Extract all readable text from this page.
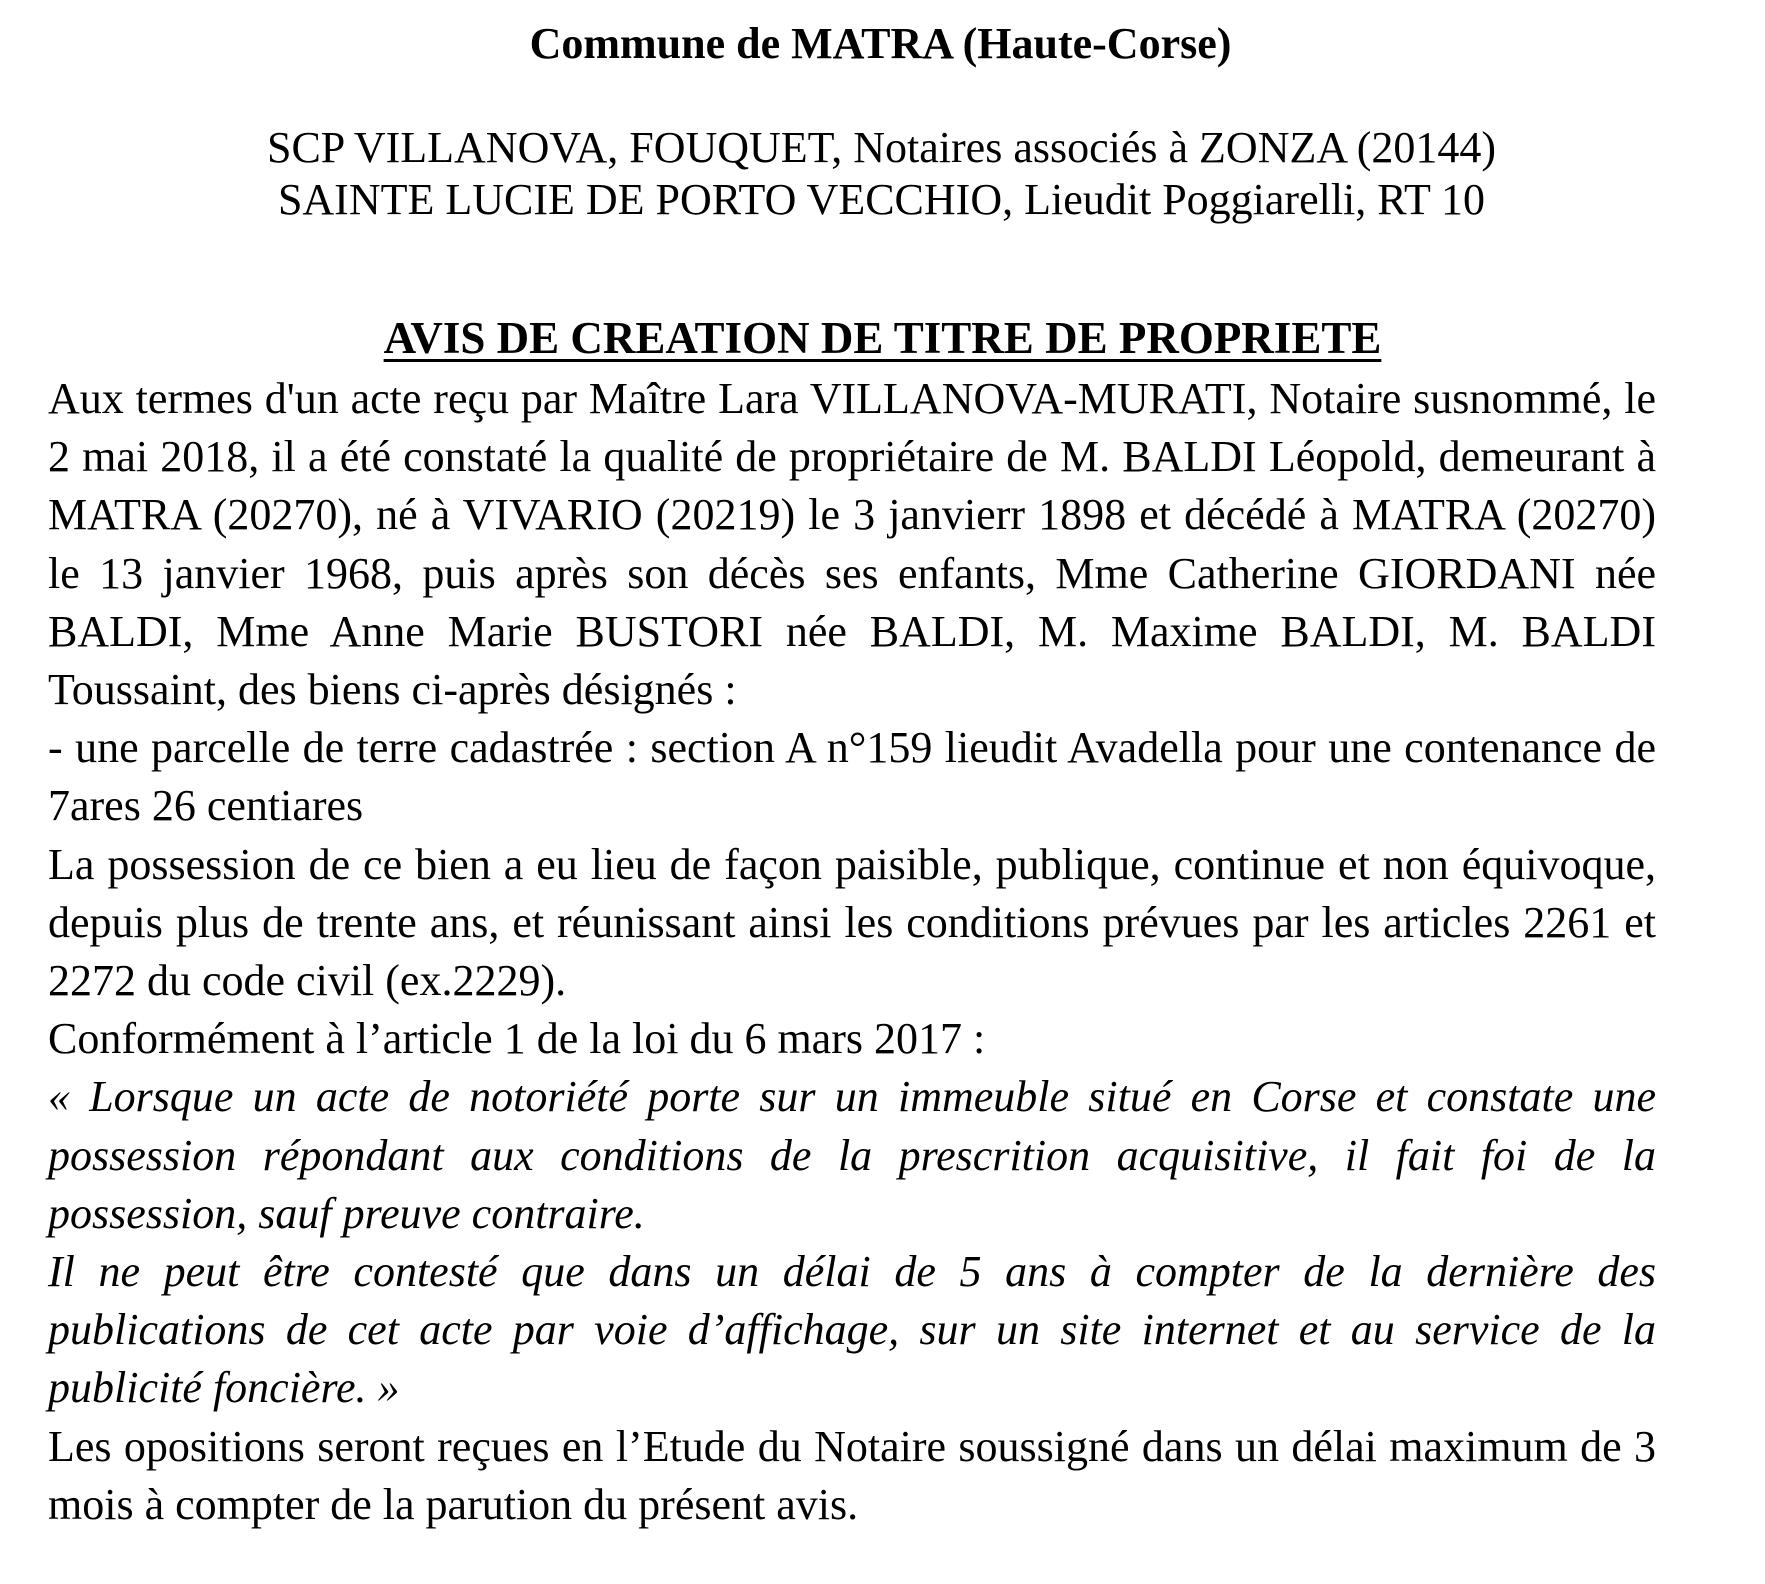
Commune de MATRA (Haute-Corse)
SCP VILLANOVA, FOUQUET, Notaires associés à ZONZA (20144)
SAINTE LUCIE DE PORTO VECCHIO, Lieudit Poggiarelli, RT 10
AVIS DE CREATION DE TITRE DE PROPRIETE

Aux termes d'un acte reçu par Maître Lara VILLANOVA-MURATI, Notaire susnommé, le 2 mai 2018, il a été constaté la qualité de propriétaire de M. BALDI Léopold, demeurant à MATRA (20270), né à VIVARIO (20219) le 3 janvierr 1898 et décédé à MATRA (20270) le 13 janvier 1968, puis après son décès ses enfants, Mme Catherine GIORDANI née BALDI, Mme Anne Marie BUSTORI née BALDI, M. Maxime BALDI, M. BALDI Toussaint, des biens ci-après désignés :

- une parcelle de terre cadastrée : section A n°159 lieudit Avadella pour une contenance de 7ares 26 centiares

La possession de ce bien a eu lieu de façon paisible, publique, continue et non équivoque, depuis plus de trente ans, et réunissant ainsi les conditions prévues par les articles 2261 et 2272 du code civil (ex.2229).

Conformément à l’article 1 de la loi du 6 mars 2017 :

« Lorsque un acte de notoriété porte sur un immeuble situé en Corse et constate une possession répondant aux conditions de la prescrition acquisitive, il fait foi de la possession, sauf preuve contraire.

Il ne peut être contesté que dans un délai de 5 ans à compter de la dernière des publications de cet acte par voie d’affichage, sur un site internet et au service de la publicité foncière. »

Les opositions seront reçues en l’Etude du Notaire soussigné dans un délai maximum de 3 mois à compter de la parution du présent avis.
